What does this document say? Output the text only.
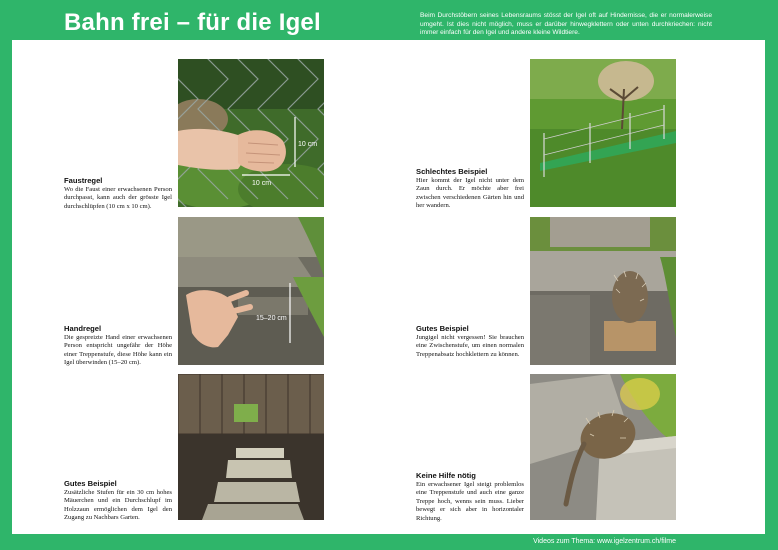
Bahn frei – für die Igel	Beim Durchstöbern seines Lebensraums stösst der Igel oft auf Hindernisse, die er normalerweise umgeht. Ist dies nicht möglich, muss er darüber hinwegklettern oder unten durchkriechen: nicht immer einfach für den Igel und andere kleine Wildtiere.
10 cm
10 cm
Faustregel
Wo die Faust einer erwachsenen Person durchpasst, kann auch der grösste Igel durchschlüpfen (10 cm x 10 cm).
15–20 cm
Handregel
Die gespreizte Hand einer erwachsenen Person entspricht ungefähr der Höhe einer Treppenstufe, diese Höhe kann ein Igel überwinden (15–20 cm).
Gutes Beispiel
Zusätzliche Stufen für ein 30 cm hohes Mäuerchen und ein Durchschlupf im Holzzaun ermöglichen dem Igel den Zugang zu Nachbars Garten.
Schlechtes Beispiel
Hier kommt der Igel nicht unter dem Zaun durch. Er möchte aber frei zwischen verschiedenen Gärten hin und her wandern.
Gutes Beispiel
Jungigel nicht vergessen! Sie brauchen eine Zwischenstufe, um einen normalen Treppenabsatz hochklettern zu können.
Keine Hilfe nötig
Ein erwachsener Igel steigt problemlos eine Treppenstufe und auch eine ganze Treppe hoch, wenns sein muss. Lieber bewegt er sich aber in horizontaler Richtung.
Videos zum Thema: www.igelzentrum.ch/filme
